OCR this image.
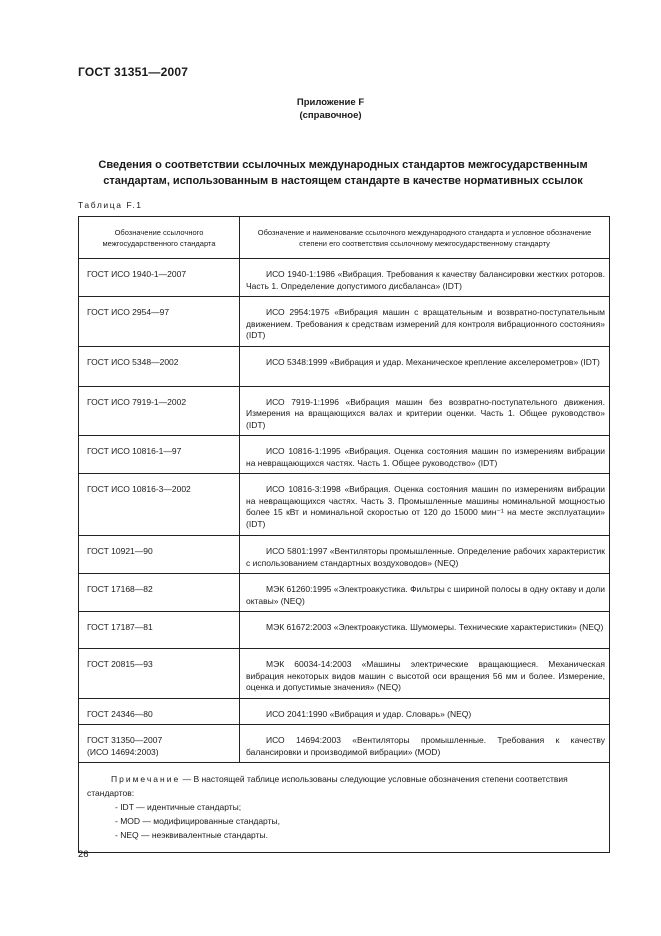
ГОСТ 31351—2007
Приложение F
(справочное)
Сведения о соответствии ссылочных международных стандартов межгосударственным стандартам, использованным в настоящем стандарте в качестве нормативных ссылок
Таблица F.1
Обозначение ссылочного межгосударственного стандарта	Обозначение и наименование ссылочного международного стандарта и условное обозначение степени его соответствия ссылочному межгосударственному стандарту

ГОСТ ИСО 1940-1—2007	ИСО 1940-1:1986 «Вибрация. Требования к качеству балансировки жестких роторов. Часть 1. Определение допустимого дисбаланса» (IDT)

ГОСТ ИСО 2954—97	ИСО 2954:1975 «Вибрация машин с вращательным и возвратно-поступательным движением. Требования к средствам измерений для контроля вибрационного состояния» (IDT)

ГОСТ ИСО 5348—2002	ИСО 5348:1999 «Вибрация и удар. Механическое крепление акселерометров» (IDT)

ГОСТ ИСО 7919-1—2002	ИСО 7919-1:1996 «Вибрация машин без возвратно-поступательного движения. Измерения на вращающихся валах и критерии оценки. Часть 1. Общее руководство» (IDT)

ГОСТ ИСО 10816-1—97	ИСО 10816-1:1995 «Вибрация. Оценка состояния машин по измерениям вибрации на невращающихся частях. Часть 1. Общее руководство» (IDT)

ГОСТ ИСО 10816-3—2002	ИСО 10816-3:1998 «Вибрация. Оценка состояния машин по измерениям вибрации на невращающихся частях. Часть 3. Промышленные машины номинальной мощностью более 15 кВт и номинальной скоростью от 120 до 15000 мин⁻¹ на месте эксплуатации» (IDT)

ГОСТ 10921—90	ИСО 5801:1997 «Вентиляторы промышленные. Определение рабочих характеристик с использованием стандартных воздуховодов» (NEQ)

ГОСТ 17168—82	МЭК 61260:1995 «Электроакустика. Фильтры с шириной полосы в одну октаву и доли октавы» (NEQ)

ГОСТ 17187—81	МЭК 61672:2003 «Электроакустика. Шумомеры. Технические характеристики» (NEQ)

ГОСТ 20815—93	МЭК 60034-14:2003 «Машины электрические вращающиеся. Механическая вибрация некоторых видов машин с высотой оси вращения 56 мм и более. Измерение, оценка и допустимые значения» (NEQ)

ГОСТ 24346—80	ИСО 2041:1990 «Вибрация и удар. Словарь» (NEQ)

ГОСТ 31350—2007
(ИСО 14694:2003)	ИСО 14694:2003 «Вентиляторы промышленные. Требования к качеству балансировки и производимой вибрации» (MOD)

Примечание — В настоящей таблице использованы следующие условные обозначения степени соответствия стандартов:
- IDT — идентичные стандарты;
- MOD — модифицированные стандарты,
- NEQ — неэквивалентные стандарты.	
26
